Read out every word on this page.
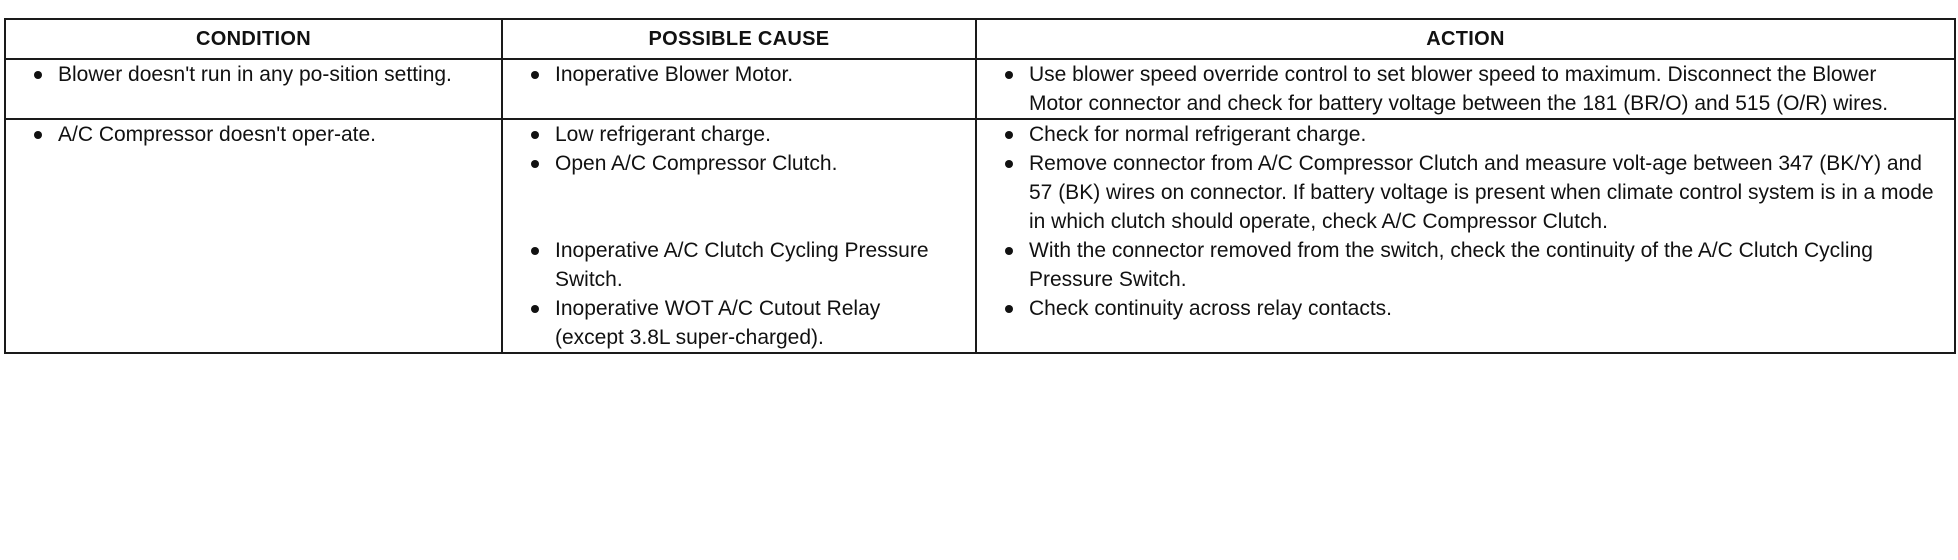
CONDITION	POSSIBLE CAUSE	ACTION

Blower doesn't run in any po-sition setting.	Inoperative Blower Motor.	Use blower speed override control to set blower speed to maximum. Disconnect the Blower Motor connector and check for battery voltage between the 181 (BR/O) and 515 (O/R) wires.

A/C Compressor doesn't oper-ate.	Low refrigerant charge.	Check for normal refrigerant charge.

	Open A/C Compressor Clutch.	Remove connector from A/C Compressor Clutch and measure volt-age between 347 (BK/Y) and 57 (BK) wires on connector. If battery voltage is present when climate control system is in a mode in which clutch should operate, check A/C Compressor Clutch.

	Inoperative A/C Clutch Cycling Pressure Switch.	With the connector removed from the switch, check the continuity of the A/C Clutch Cycling Pressure Switch.

	Inoperative WOT A/C Cutout Relay (except 3.8L super-charged).	Check continuity across relay contacts.
